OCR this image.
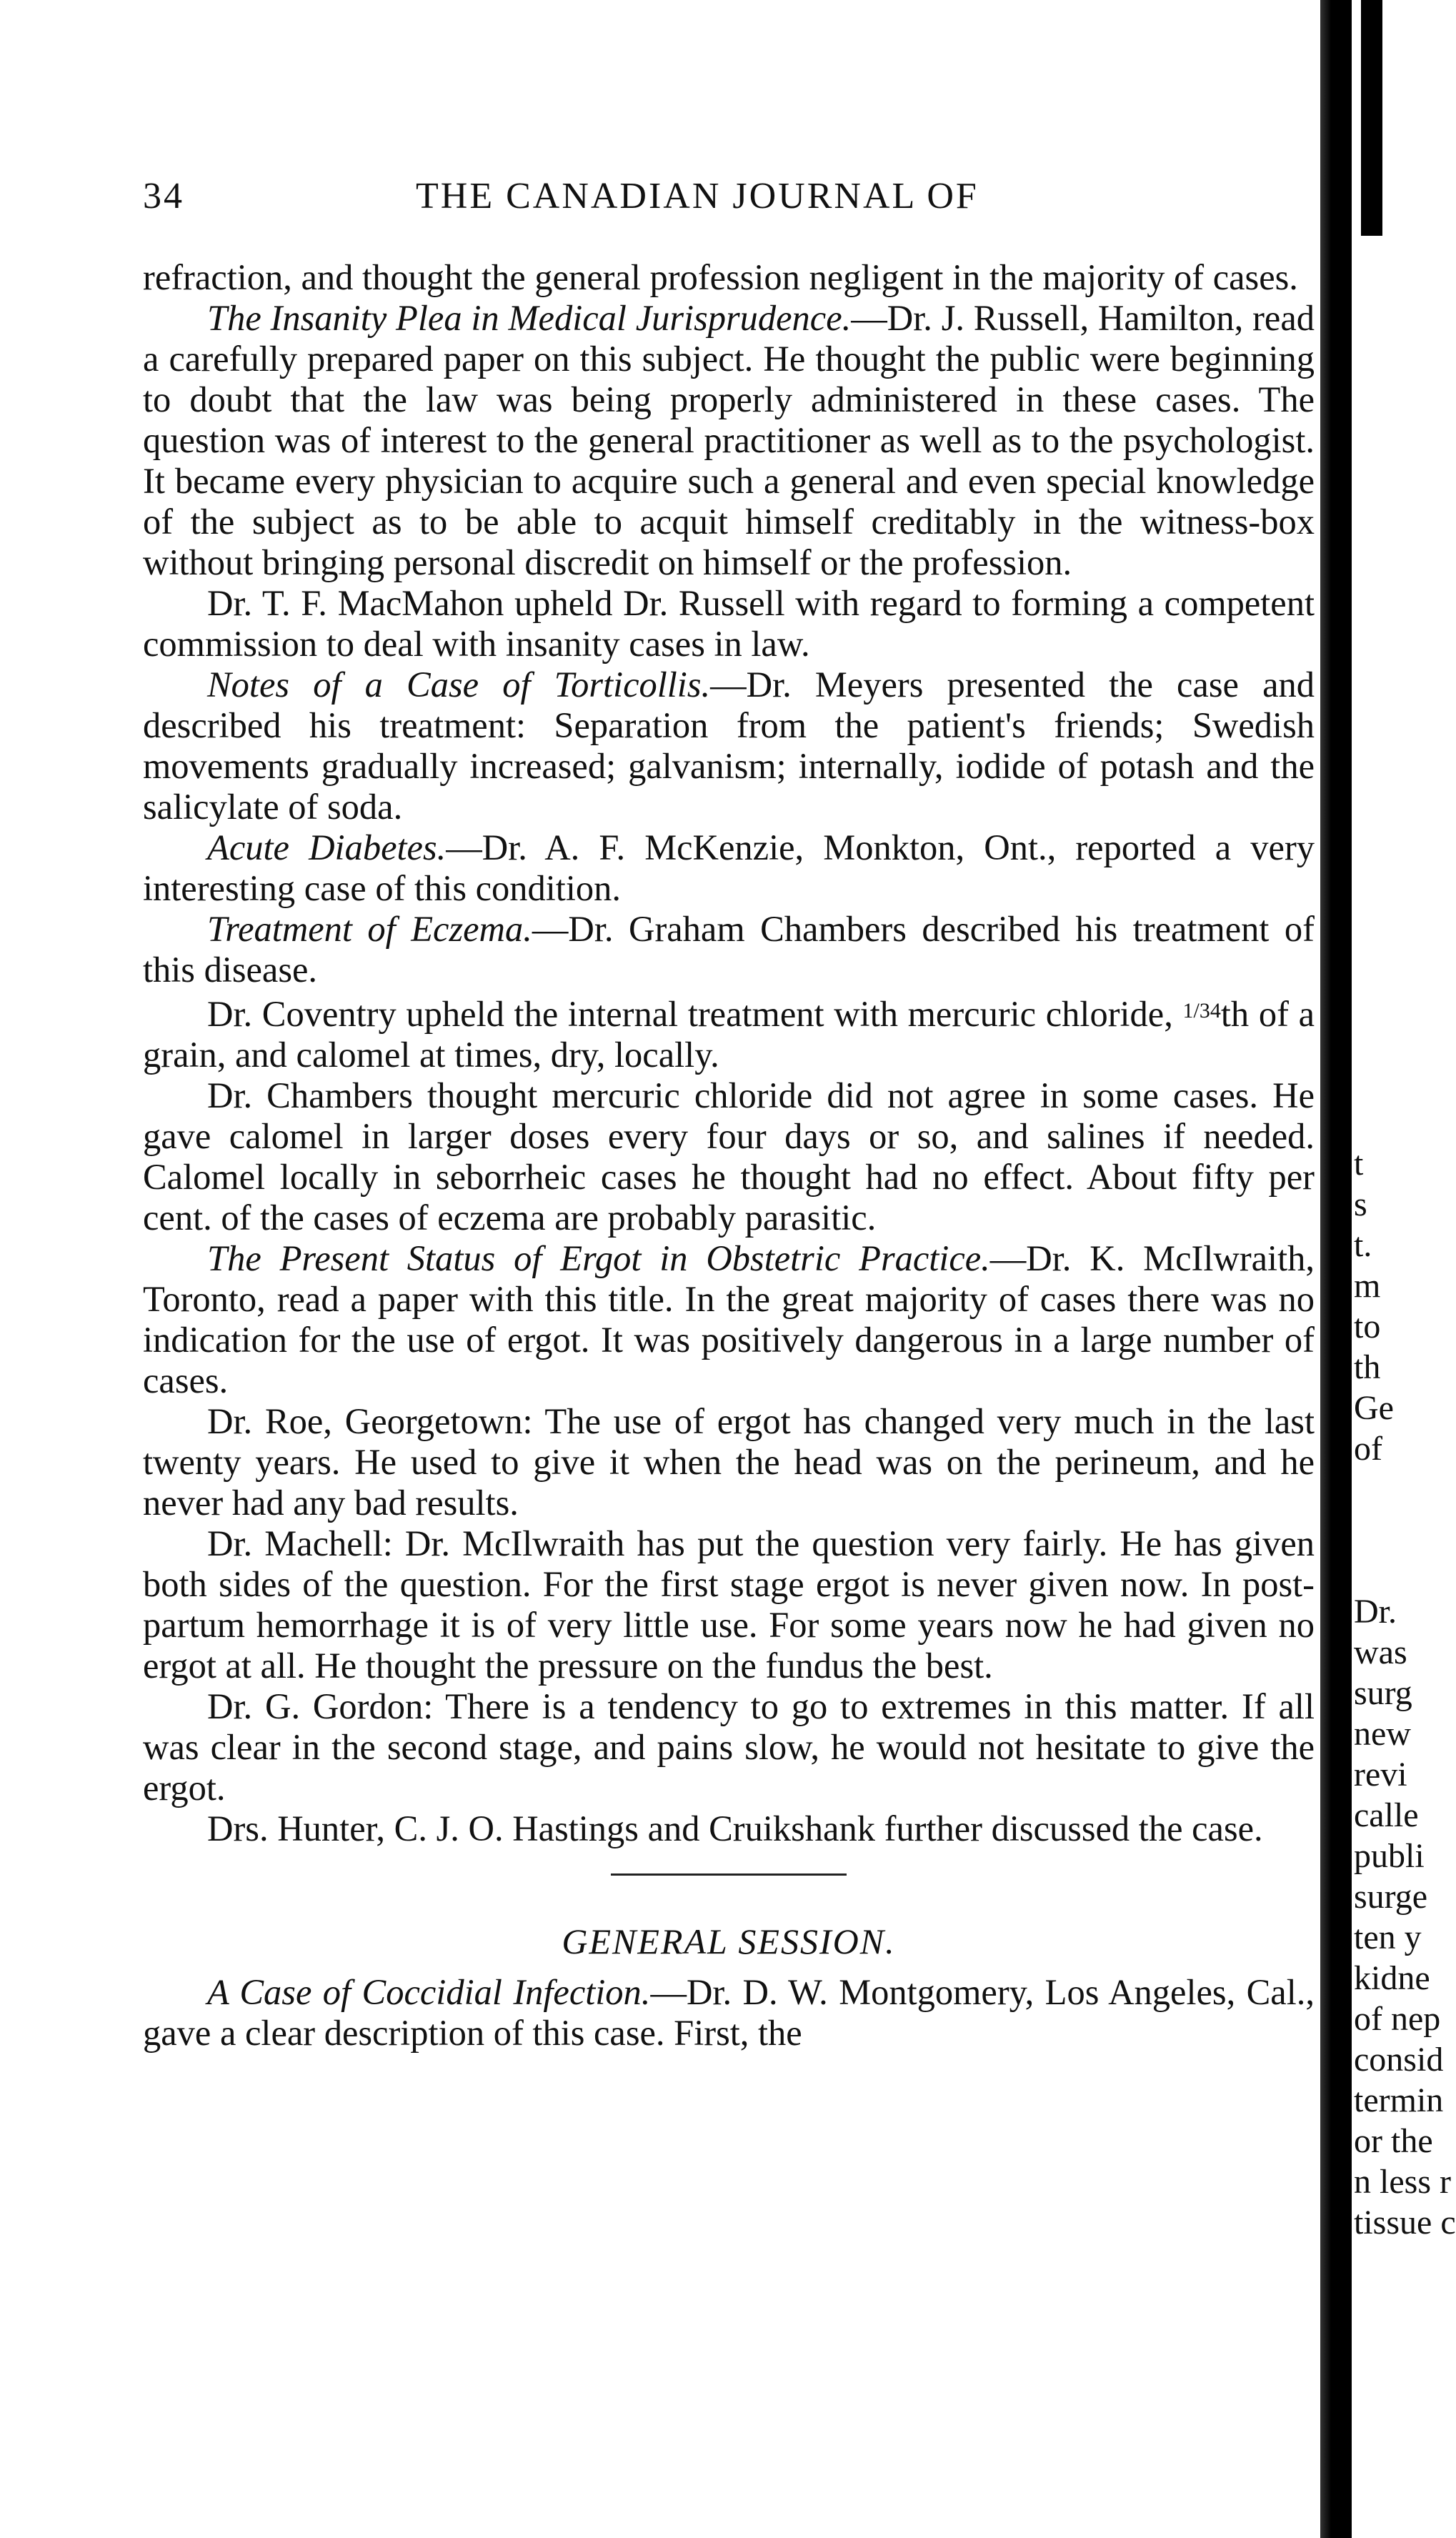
34	THE CANADIAN JOURNAL OF

refraction, and thought the general profession negligent in the majority of cases.

The Insanity Plea in Medical Jurisprudence.—Dr. J. Russell, Hamilton, read a carefully prepared paper on this subject. He thought the public were beginning to doubt that the law was being properly administered in these cases. The question was of interest to the general practitioner as well as to the psychologist. It became every physician to acquire such a general and even special knowledge of the subject as to be able to acquit himself creditably in the witness-box without bringing personal discredit on himself or the profession.

Dr. T. F. MacMahon upheld Dr. Russell with regard to forming a competent commission to deal with insanity cases in law.

Notes of a Case of Torticollis.—Dr. Meyers presented the case and described his treatment: Separation from the patient's friends; Swedish movements gradually increased; galvanism; internally, iodide of potash and the salicylate of soda.

Acute Diabetes.—Dr. A. F. McKenzie, Monkton, Ont., reported a very interesting case of this condition.

Treatment of Eczema.—Dr. Graham Chambers described his treatment of this disease.

Dr. Coventry upheld the internal treatment with mercuric chloride, $^{1/34}$th of a grain, and calomel at times, dry, locally.

Dr. Chambers thought mercuric chloride did not agree in some cases. He gave calomel in larger doses every four days or so, and salines if needed. Calomel locally in seborrheic cases he thought had no effect. About fifty per cent. of the cases of eczema are probably parasitic.

The Present Status of Ergot in Obstetric Practice.—Dr. K. McIlwraith, Toronto, read a paper with this title. In the great majority of cases there was no indication for the use of ergot. It was positively dangerous in a large number of cases.

Dr. Roe, Georgetown: The use of ergot has changed very much in the last twenty years. He used to give it when the head was on the perineum, and he never had any bad results.

Dr. Machell: Dr. McIlwraith has put the question very fairly. He has given both sides of the question. For the first stage ergot is never given now. In post-partum hemorrhage it is of very little use. For some years now he had given no ergot at all. He thought the pressure on the fundus the best.

Dr. G. Gordon: There is a tendency to go to extremes in this matter. If all was clear in the second stage, and pains slow, he would not hesitate to give the ergot.

Drs. Hunter, C. J. O. Hastings and Cruikshank further discussed the case.

GENERAL SESSION.

A Case of Coccidial Infection.—Dr. D. W. Montgomery, Los Angeles, Cal., gave a clear description of this case. First, the

t
s
t.
m
to
th
Ge
of
Dr.
was
surg
new
revi
calle
publi
surge
ten y
kidne
of nep
consid
termin
or the
n less r
tissue c
